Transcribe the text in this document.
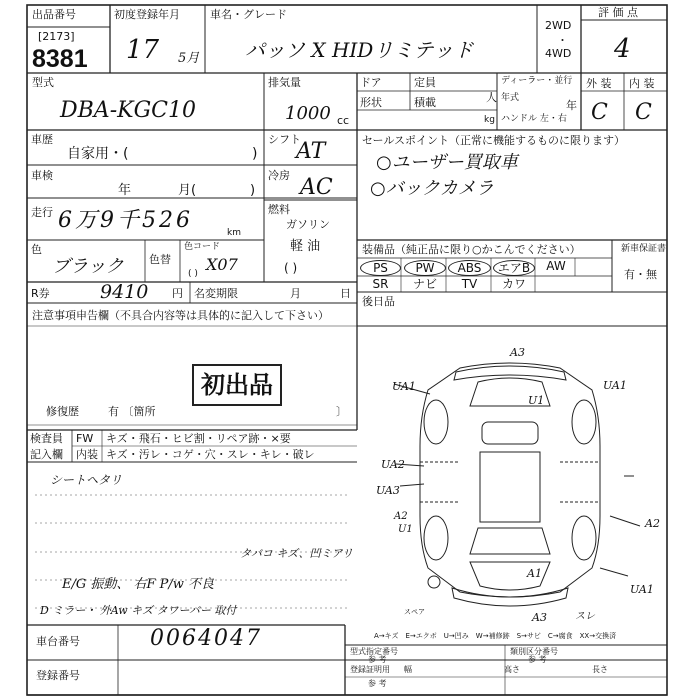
出品番号
[2173]
8381
初度登録年月
17 5月
車名・グレード
パッソ X HIDリミテッド
2WD
・
4WD
評 価 点
4
型式
DBA-KGC10
排気量
1000 cc
ドア	定員
人
形状	積載
kg
ディーラー・並行
年式
年
ハンドル 左・右
外 装 内 装
C C
車歴
自家用・(	)
シフト
AT
車検
年	月(	)
冷房 AC
走行 6万9千526	km
燃料
ガソリン
軽 油
( )
色
ブラック 色替
色コード
X07
( )
R券	9410 円 名変期限	月	日
注意事項申告欄（不具合内容等は具体的に記入して下さい）
初出品
修復歴	有 〔箇所	〕
検査員
記入欄
FW キズ・飛石・ヒビ割・リペア跡・×要
内装 キズ・汚レ・コゲ・穴・スレ・キレ・破レ
シートヘタリ
タバコ キズ、凹ミアリ
E/G 振動、 右F P/w 不良
D ミラー・ 外Aw キズ タワーバー 取付
セールスポイント（正常に機能するものに限ります）
○ユーザー買取車
○バックカメラ
装備品（純正品に限り○かこんでください）	新車保証書
有・無
PS	PW	ABS	エアB	AW
SR	ナビ	TV	カワ
後日品
A3
UA1
U1
UA1
UA2
UA3
A2
U1	A2
A1
UA1
A3	スレ
スペア
A→キズ　E→エクボ　U→凹み　W→補修跡　S→サビ　C→腐食　XX→交換済
車台番号	0064047
登録番号
型式指定番号
参 考
類別区分番号
参 考
登録証明用
参 考
幅	高さ	長さ
